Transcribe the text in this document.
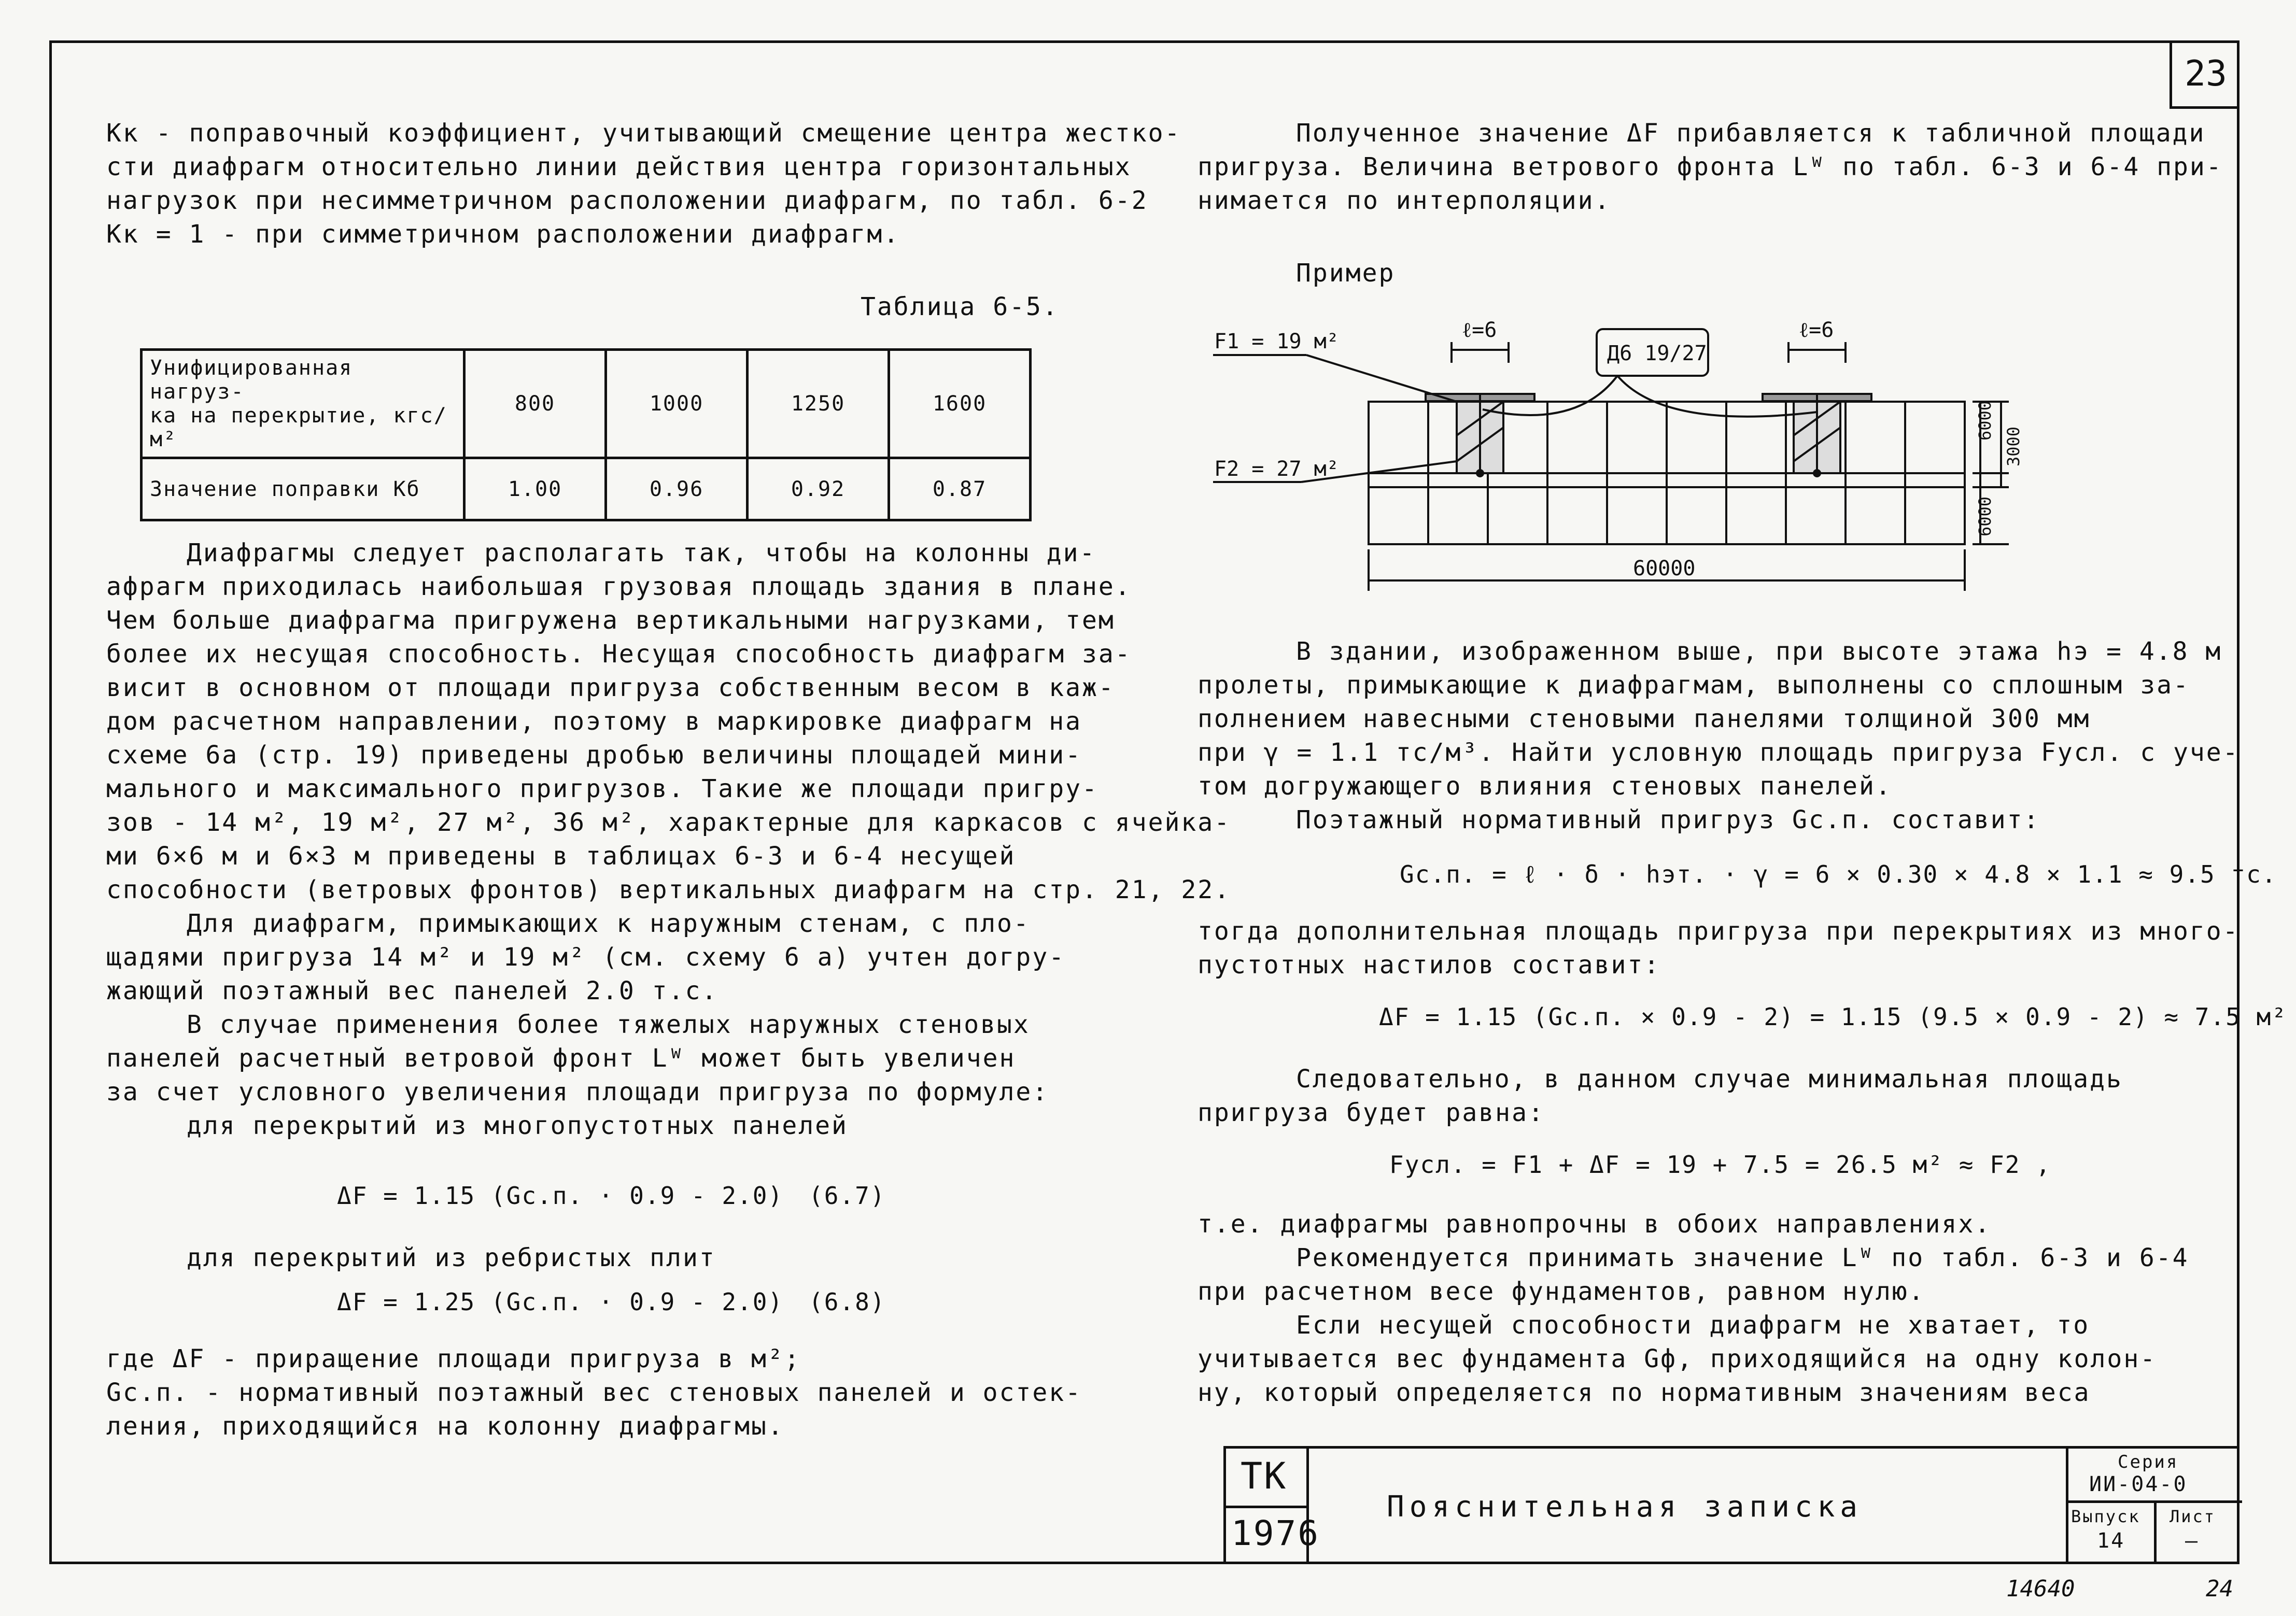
23
Kк - поправочный коэффициент, учитывающий смещение центра жестко-
сти диафрагм относительно линии действия центра горизонтальных
нагрузок при несимметричном расположении диафрагм, по табл. 6-2
Kк = 1 - при симметричном расположении диафрагм.
Таблица 6-5.
Унифицированная нагруз-
ка на перекрытие, кгс/м²	800	1000	1250	1600
Значение поправки Kб	1.00	0.96	0.92	0.87
Диафрагмы следует располагать так, чтобы на колонны ди-
афрагм приходилась наибольшая грузовая площадь здания в плане.
Чем больше диафрагма пригружена вертикальными нагрузками, тем
более их несущая способность. Несущая способность диафрагм за-
висит в основном от площади пригруза собственным весом в каж-
дом расчетном направлении, поэтому в маркировке диафрагм на
схеме 6а (стр. 19) приведены дробью величины площадей мини-
мального и максимального пригрузов. Такие же площади пригру-
зов - 14 м², 19 м², 27 м², 36 м², характерные для каркасов с ячейка-
ми 6×6 м и 6×3 м приведены в таблицах 6-3 и 6-4 несущей
способности (ветровых фронтов) вертикальных диафрагм на стр. 21, 22.
Для диафрагм, примыкающих к наружным стенам, с пло-
щадями пригруза 14 м² и 19 м² (см. схему 6 а) учтен догру-
жающий поэтажный вес панелей 2.0 т.с.
В случае применения более тяжелых наружных стеновых
панелей расчетный ветровой фронт Lᵂ может быть увеличен
за счет условного увеличения площади пригруза по формуле:
для перекрытий из многопустотных панелей
ΔF = 1.15 (Gс.п. · 0.9 - 2.0) (6.7)
для перекрытий из ребристых плит
ΔF = 1.25 (Gс.п. · 0.9 - 2.0) (6.8)
где ΔF - приращение площади пригруза в м²;
Gс.п. - нормативный поэтажный вес стеновых панелей и остек-
ления, приходящийся на колонну диафрагмы.
Полученное значение ΔF прибавляется к табличной площади
пригруза. Величина ветрового фронта Lᵂ по табл. 6-3 и 6-4 при-
нимается по интерполяции.
Пример
F1 = 19 м²
F2 = 27 м²
ℓ=6	ℓ=6
Д6 19/27
6000
3000
6000
60000
В здании, изображенном выше, при высоте этажа hэ = 4.8 м
пролеты, примыкающие к диафрагмам, выполнены со сплошным за-
полнением навесными стеновыми панелями толщиной 300 мм
при γ = 1.1 тс/м³. Найти условную площадь пригруза Fусл. с уче-
том догружающего влияния стеновых панелей.
Поэтажный нормативный пригруз Gс.п. составит:
Gс.п. = ℓ · δ · hэт. · γ = 6 × 0.30 × 4.8 × 1.1 ≈ 9.5 тс.
тогда дополнительная площадь пригруза при перекрытиях из много-
пустотных настилов составит:
ΔF = 1.15 (Gс.п. × 0.9 - 2) = 1.15 (9.5 × 0.9 - 2) ≈ 7.5 м²
Следовательно, в данном случае минимальная площадь
пригруза будет равна:
Fусл. = F1 + ΔF = 19 + 7.5 = 26.5 м² ≈ F2 ,
т.е. диафрагмы равнопрочны в обоих направлениях.
Рекомендуется принимать значение Lᵂ по табл. 6-3 и 6-4
при расчетном весе фундаментов, равном нулю.
Если несущей способности диафрагм не хватает, то
учитывается вес фундамента Gф, приходящийся на одну колон-
ну, который определяется по нормативным значениям веса
ТК
1976
Пояснительная записка
Серия
ИИ-04-0
Выпуск
14
Лист
—
14640	24
